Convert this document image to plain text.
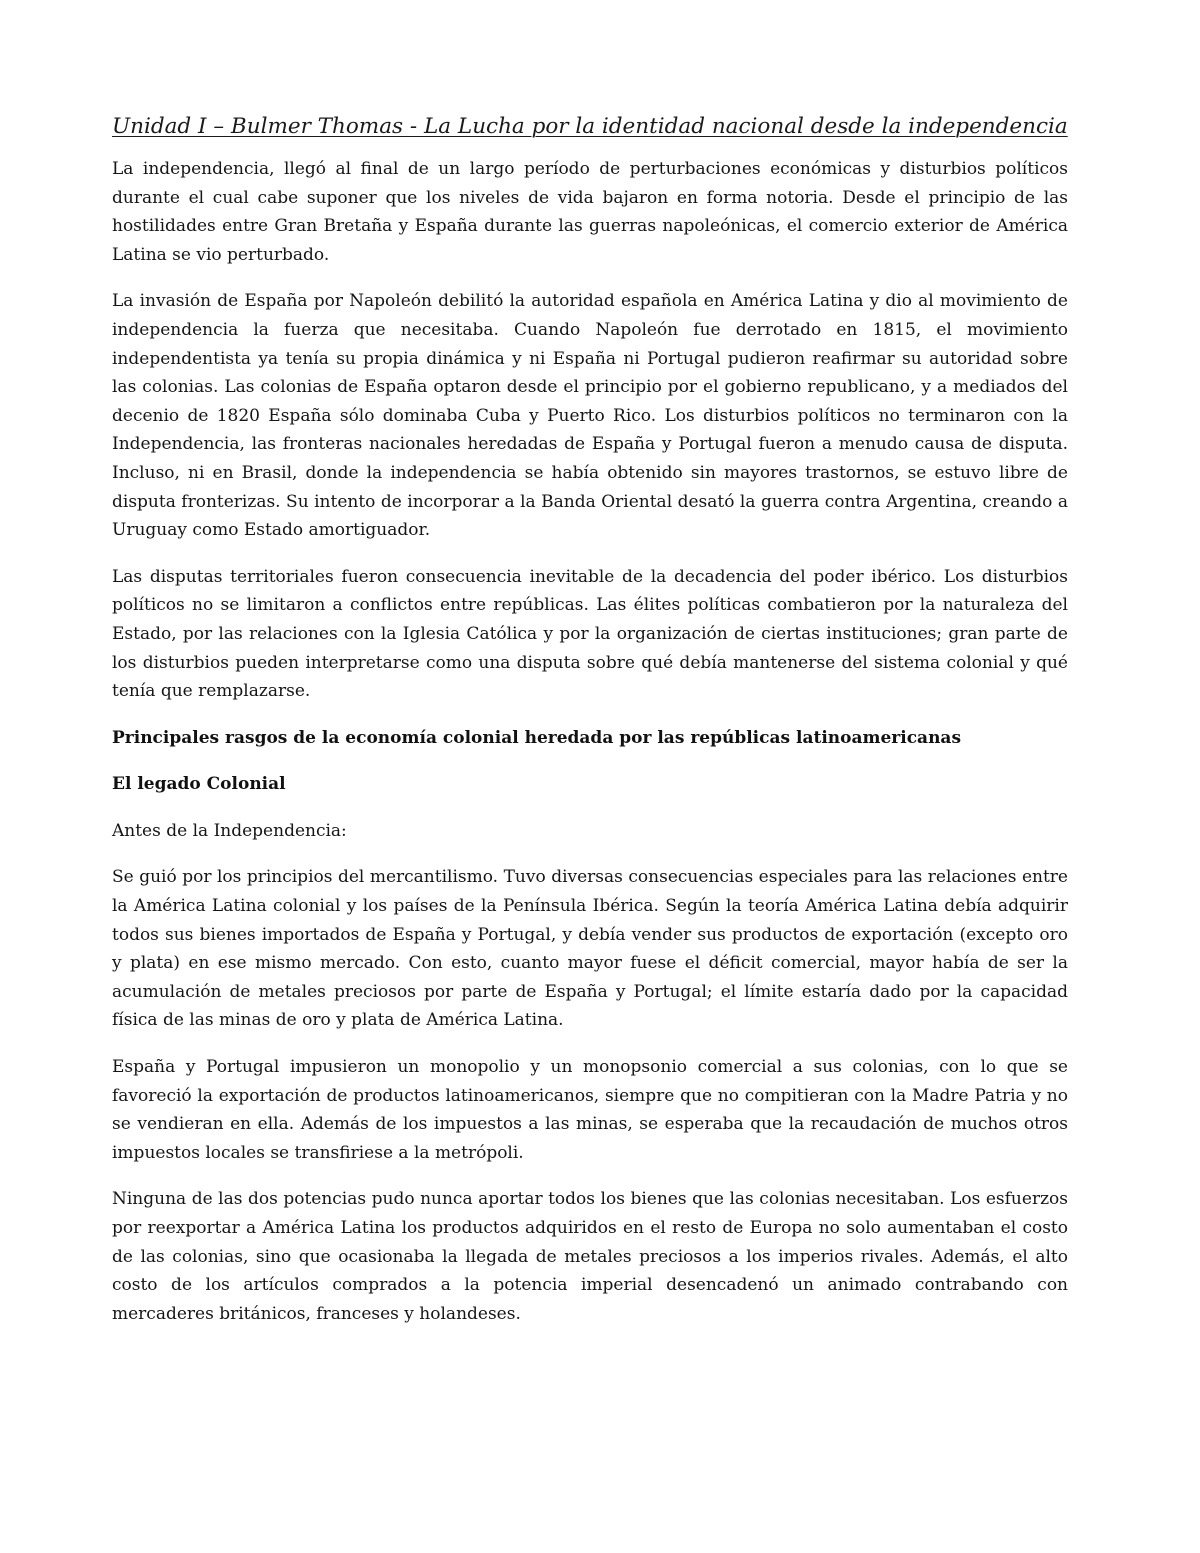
Unidad I – Bulmer Thomas - La Lucha por la identidad nacional desde la independencia

La independencia, llegó al final de un largo período de perturbaciones económicas y disturbios políticos durante el cual cabe suponer que los niveles de vida bajaron en forma notoria. Desde el principio de las hostilidades entre Gran Bretaña y España durante las guerras napoleónicas, el comercio exterior de América Latina se vio perturbado.

La invasión de España por Napoleón debilitó la autoridad española en América Latina y dio al movimiento de independencia la fuerza que necesitaba. Cuando Napoleón fue derrotado en 1815, el movimiento independentista ya tenía su propia dinámica y ni España ni Portugal pudieron reafirmar su autoridad sobre las colonias. Las colonias de España optaron desde el principio por el gobierno republicano, y a mediados del decenio de 1820 España sólo dominaba Cuba y Puerto Rico. Los disturbios políticos no terminaron con la Independencia, las fronteras nacionales heredadas de España y Portugal fueron a menudo causa de disputa. Incluso, ni en Brasil, donde la independencia se había obtenido sin mayores trastornos, se estuvo libre de disputa fronterizas. Su intento de incorporar a la Banda Oriental desató la guerra contra Argentina, creando a Uruguay como Estado amortiguador.

Las disputas territoriales fueron consecuencia inevitable de la decadencia del poder ibérico. Los disturbios políticos no se limitaron a conflictos entre repúblicas. Las élites políticas combatieron por la naturaleza del Estado, por las relaciones con la Iglesia Católica y por la organización de ciertas instituciones; gran parte de los disturbios pueden interpretarse como una disputa sobre qué debía mantenerse del sistema colonial y qué tenía que remplazarse.

Principales rasgos de la economía colonial heredada por las repúblicas latinoamericanas
El legado Colonial

Antes de la Independencia:

Se guió por los principios del mercantilismo. Tuvo diversas consecuencias especiales para las relaciones entre la América Latina colonial y los países de la Península Ibérica. Según la teoría América Latina debía adquirir todos sus bienes importados de España y Portugal, y debía vender sus productos de exportación (excepto oro y plata) en ese mismo mercado. Con esto, cuanto mayor fuese el déficit comercial, mayor había de ser la acumulación de metales preciosos por parte de España y Portugal; el límite estaría dado por la capacidad física de las minas de oro y plata de América Latina.

España y Portugal impusieron un monopolio y un monopsonio comercial a sus colonias, con lo que se favoreció la exportación de productos latinoamericanos, siempre que no compitieran con la Madre Patria y no se vendieran en ella. Además de los impuestos a las minas, se esperaba que la recaudación de muchos otros impuestos locales se transfiriese a la metrópoli.

Ninguna de las dos potencias pudo nunca aportar todos los bienes que las colonias necesitaban. Los esfuerzos por reexportar a América Latina los productos adquiridos en el resto de Europa no solo aumentaban el costo de las colonias, sino que ocasionaba la llegada de metales preciosos a los imperios rivales. Además, el alto costo de los artículos comprados a la potencia imperial desencadenó un animado contrabando con mercaderes británicos, franceses y holandeses.
